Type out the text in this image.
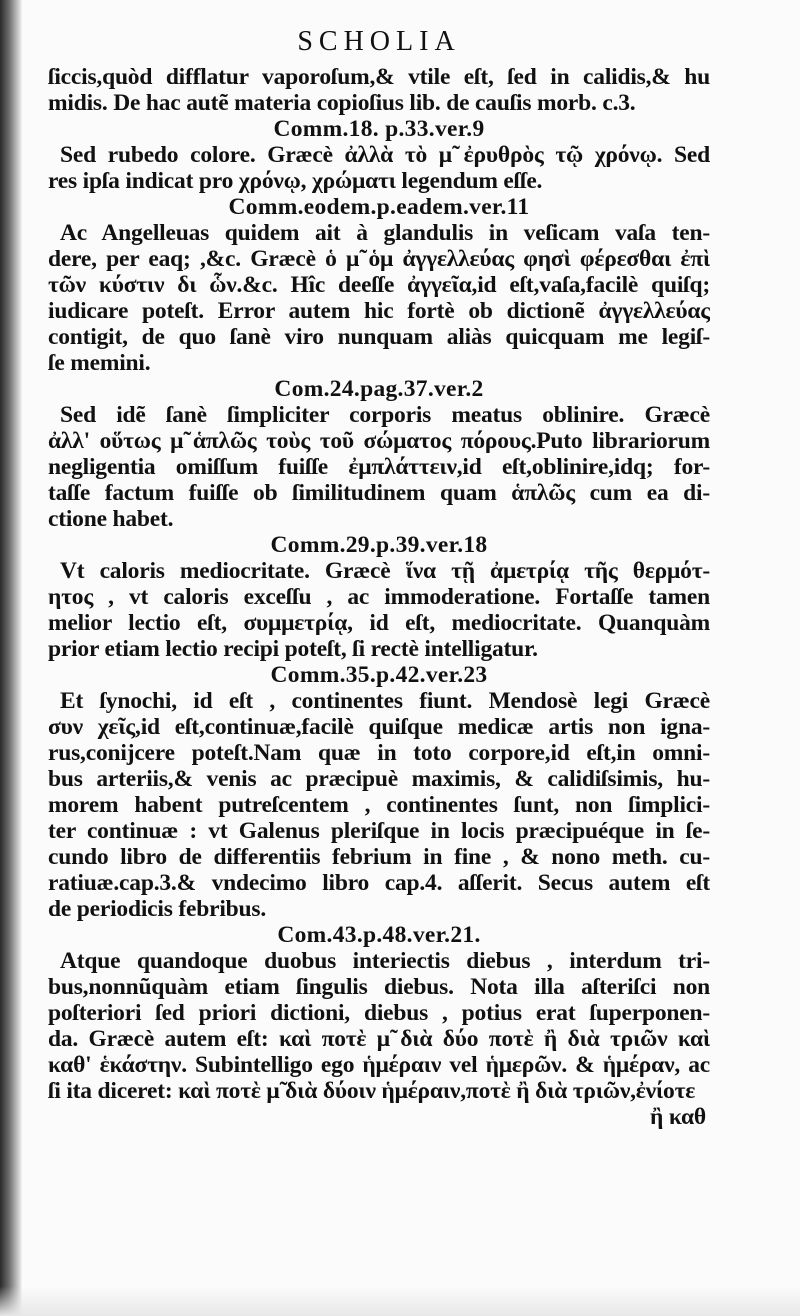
SCHOLIA
ſiccis,quòd difflatur vaporoſum,& vtile eſt, ſed in calidis,& hu
midis. De hac autẽ materia copioſius lib. de cauſis morb. c.3.
Comm.18. p.33.ver.9
Sed rubedo colore. Græcè ἀλλὰ τὸ μ̃ ἐρυθρὸς τῷ χρόνῳ. Sed
res ipſa indicat pro χρόνῳ, χρώματι legendum eſſe.
Comm.eodem.p.eadem.ver.11
Ac Angelleuas quidem ait à glandulis in veſicam vaſa ten-
dere, per eaq; ,&c. Græcè ὁ μ̃ ὁμ ἀγγελλεύας φησὶ φέρεσθαι ἐπὶ
τῶν κύστιν δι ὧν.&c. Hîc deeſſe ἀγγεῖα,id eſt,vaſa,facilè quiſq;
iudicare poteſt. Error autem hic fortè ob dictionẽ ἀγγελλεύας
contigit, de quo ſanè viro nunquam aliàs quicquam me legiſ-
ſe memini.
Com.24.pag.37.ver.2
Sed idẽ ſanè ſimpliciter corporis meatus oblinire. Græcè
ἀλλ' οὕτως μ̃ ἁπλῶς τοὺς τοῦ σώματος πόρους.Puto librariorum
negligentia omiſſum fuiſſe ἐμπλάττειν,id eſt,oblinire,idq; for-
taſſe factum fuiſſe ob ſimilitudinem quam ἁπλῶς cum ea di-
ctione habet.
Comm.29.p.39.ver.18
Vt caloris mediocritate. Græcè ἵνα τῇ ἀμετρίᾳ τῆς θερμότ-
ητος , vt caloris exceſſu , ac immoderatione. Fortaſſe tamen
melior lectio eſt, συμμετρίᾳ, id eſt, mediocritate. Quanquàm
prior etiam lectio recipi poteſt, ſi rectè intelligatur.
Comm.35.p.42.ver.23
Et ſynochi, id eſt , continentes fiunt. Mendosè legi Græcè
συν χεῖς,id eſt,continuæ,facilè quiſque medicæ artis non igna-
rus,conijcere poteſt.Nam quæ in toto corpore,id eſt,in omni-
bus arteriis,& venis ac præcipuè maximis, & calidiſsimis, hu-
morem habent putreſcentem , continentes ſunt, non ſimplici-
ter continuæ : vt Galenus pleriſque in locis præcipuéque in ſe-
cundo libro de differentiis febrium in fine , & nono meth. cu-
ratiuæ.cap.3.& vndecimo libro cap.4. aſſerit. Secus autem eſt
de periodicis febribus.
Com.43.p.48.ver.21.
Atque quandoque duobus interiectis diebus , interdum tri-
bus,nonnũquàm etiam ſingulis diebus. Nota illa aſteriſci non
poſteriori ſed priori dictioni, diebus , potius erat ſuperponen-
da. Græcè autem eſt: καὶ ποτὲ μ̃ διὰ δύο ποτὲ ἢ διὰ τριῶν καὶ
καθ' ἑκάστην. Subintelligo ego ἡμέραιν vel ἡμερῶν. & ἡμέραν, ac
ſi ita diceret: καὶ ποτὲ μ̃ διὰ δύοιν ἡμέραιν,ποτὲ ἢ διὰ τριῶν,ἐνίοτε
ἢ καθ
